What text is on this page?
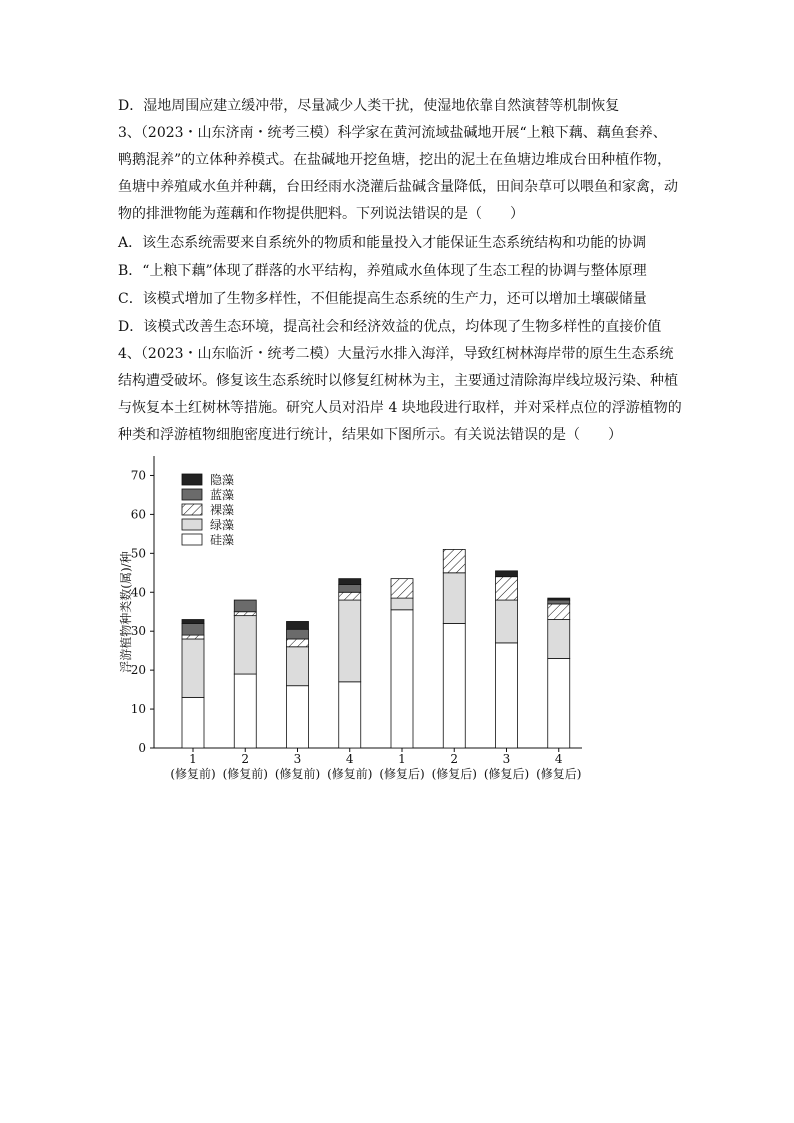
D．湿地周围应建立缓冲带，尽量减少人类干扰，使湿地依靠自然演替等机制恢复
3、（2023・山东济南・统考三模）科学家在黄河流域盐碱地开展“上粮下藕、藕鱼套养、
鸭鹅混养”的立体种养模式。在盐碱地开挖鱼塘，挖出的泥土在鱼塘边堆成台田种植作物，
鱼塘中养殖咸水鱼并种藕，台田经雨水浇灌后盐碱含量降低，田间杂草可以喂鱼和家禽，动
物的排泄物能为莲藕和作物提供肥料。下列说法错误的是（　　）
A．该生态系统需要来自系统外的物质和能量投入才能保证生态系统结构和功能的协调
B．“上粮下藕”体现了群落的水平结构，养殖咸水鱼体现了生态工程的协调与整体原理
C．该模式增加了生物多样性，不但能提高生态系统的生产力，还可以增加土壤碳储量
D．该模式改善生态环境，提高社会和经济效益的优点，均体现了生物多样性的直接价值
4、（2023・山东临沂・统考二模）大量污水排入海洋，导致红树林海岸带的原生生态系统
结构遭受破坏。修复该生态系统时以修复红树林为主，主要通过清除海岸线垃圾污染、种植
与恢复本土红树林等措施。研究人员对沿岸 4 块地段进行取样，并对采样点位的浮游植物的
种类和浮游植物细胞密度进行统计，结果如下图所示。有关说法错误的是（　　）
0
10
20
30
40
50
60
70
浮游植物种类数(属)/种
1
(修复前)
2
(修复前)
3
(修复前)
4
(修复前)
1
(修复后)
2
(修复后)
3
(修复后)
4
(修复后)
隐藻
蓝藻
裸藻
绿藻
硅藻
